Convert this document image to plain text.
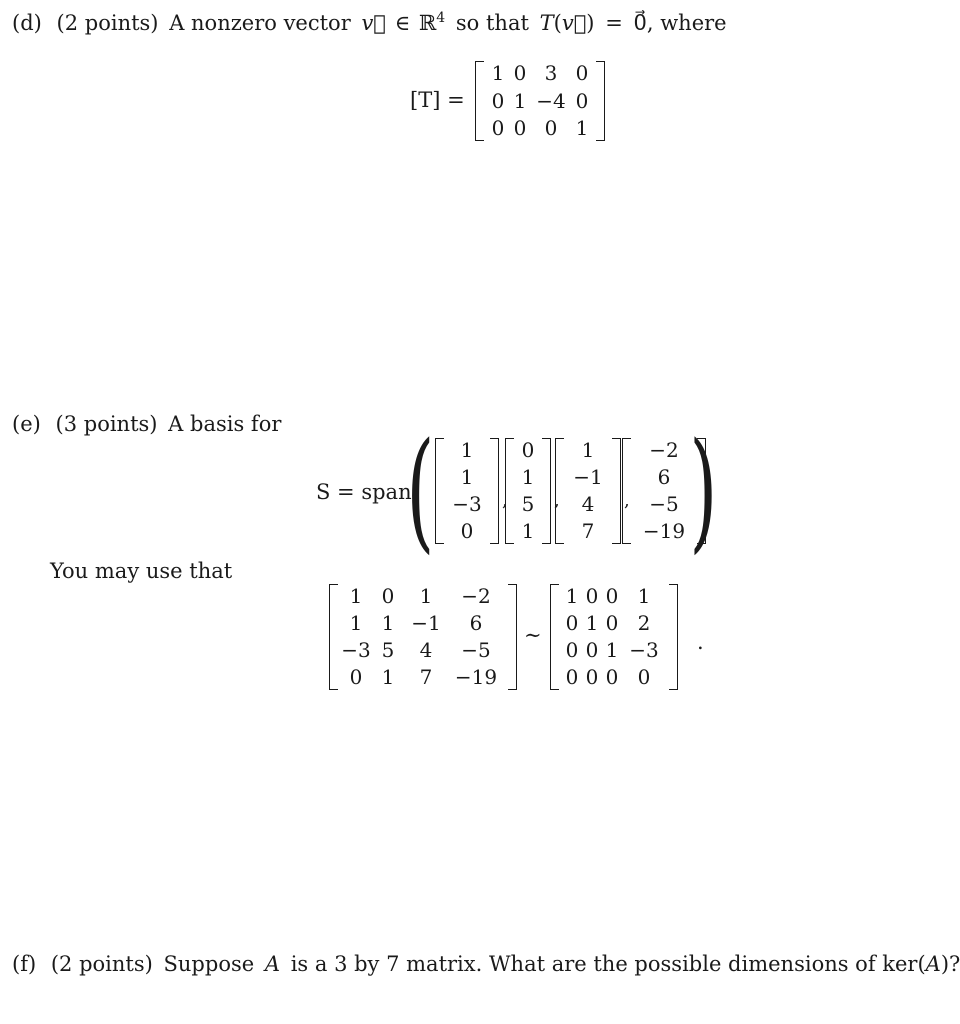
(d) (2 points) A nonzero vector v⃗ ∈ ℝ$^4$ so that T(v⃗) = 0⃗, where
[T] =
1 0 3 0
0 1 −4 0
0 0 0 1
(e) (3 points) A basis for
S = span
( )
1
1
−3
0
,
0
1
5
1
,
1
−1
4
7
,
−2
6
−5
−19
You may use that
1 0	1	−2
1 1 −1	6
−3 5	4	−5
0 1	7	−19
∼
1 0 0 1
0 1 0 2
0 0 1 −3
0 0 0 0
.
(f) (2 points) Suppose A is a 3 by 7 matrix. What are the possible dimensions of ker(A)?
